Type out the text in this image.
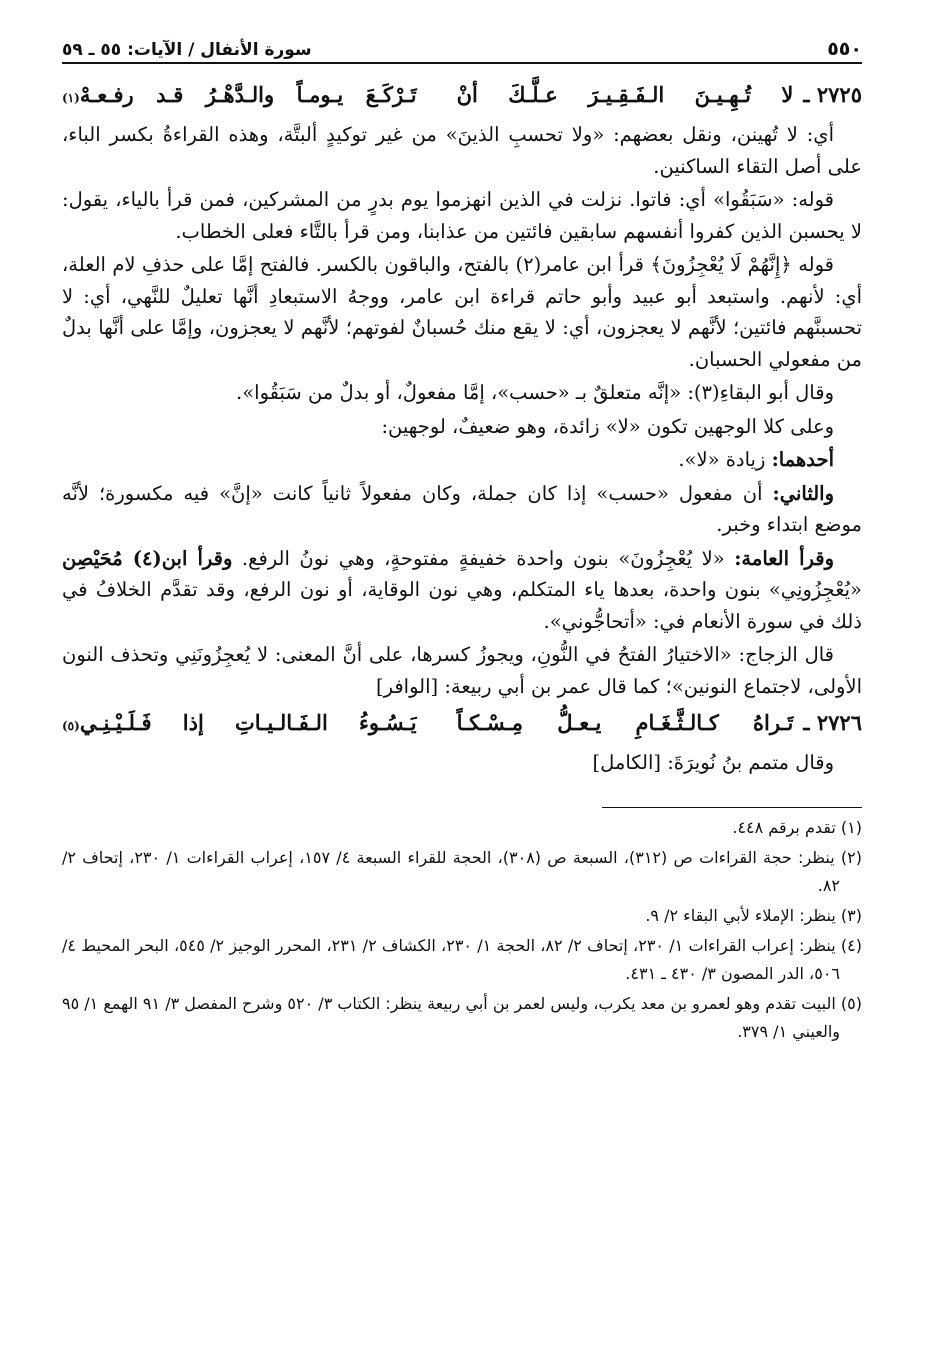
٥٥٠
سورة الأنفال / الآيات: ٥٥ ـ ٥٩
٢٧٢٥ ـ
لا تُـهِـيـنَ الـفَـقِـيـرَ عـلَّـكَ أنْ
تَـرْكَـعَ يـومـاً والـدَّهْـرُ قـد رفـعـهْ
(١)

أي: لا تُهينن، ونقل بعضهم: «ولا تحسبِ الذينَ» من غير توكيدٍ ألبتَّة، وهذه القراءةُ بكسر الباء، على أصل التقاء الساكنين.

قوله: «سَبَقُوا» أي: فاتوا. نزلت في الذين انهزموا يوم بدرٍ من المشركين، فمن قرأ بالياء، يقول: لا يحسبن الذين كفروا أنفسهم سابقين فائتين من عذابنا، ومن قرأ بالتَّاء فعلى الخطاب.

قوله ﴿إِنَّهُمْ لَا يُعْجِزُونَ﴾ قرأ ابن عامر(٢) بالفتح، والباقون بالكسر. فالفتح إمَّا على حذفِ لام العلة، أي: لأنهم. واستبعد أبو عبيد وأبو حاتم قراءة ابن عامر، ووجهُ الاستبعادِ أنَّها تعليلٌ للنَّهي، أي: لا تحسبنَّهم فائتين؛ لأنَّهم لا يعجزون، أي: لا يقع منك حُسبانٌ لفوتهم؛ لأنَّهم لا يعجزون، وإمَّا على أنَّها بدلٌ من مفعولي الحسبان.

وقال أبو البقاءِ(٣): «إنَّه متعلقٌ بـ «حسب»، إمَّا مفعولٌ، أو بدلٌ من سَبَقُوا».

وعلى كلا الوجهين تكون «لا» زائدة، وهو ضعيفٌ، لوجهين:

أحدهما: زيادة «لا».

والثاني: أن مفعول «حسب» إذا كان جملة، وكان مفعولاً ثانياً كانت «إنَّ» فيه مكسورة؛ لأنَّه موضع ابتداء وخبر.

وقرأ العامة: «لا يُعْجِزُونَ» بنون واحدة خفيفةٍ مفتوحةٍ، وهي نونُ الرفع. وقرأ ابن(٤) مُحَيْصِن «يُعْجِزُونِي» بنون واحدة، بعدها ياء المتكلم، وهي نون الوقاية، أو نون الرفع، وقد تقدَّم الخلافُ في ذلك في سورة الأنعام في: «أتحاجُّوني».

قال الزجاج: «الاختيارُ الفتحُ في النُّونِ، ويجوزُ كسرها، على أنَّ المعنى: لا يُعجِزُونَنِي وتحذف النون الأولى، لاجتماع النونين»؛ كما قال عمر بن أبي ربيعة: [الوافر]

٢٧٢٦ ـ
تَـراهُ كـالـثَّـغَـامِ يـعـلُّ مِـسْـكـاً
يَـسُـوءُ الـفَـالـيـاتِ إذا فَـلَـيْـنِـي
(٥)

وقال متمم بنُ نُويرَةَ: [الكامل]

(١) تقدم برقم ٤٤٨.

(٢) ينظر: حجة القراءات ص (٣١٢)، السبعة ص (٣٠٨)، الحجة للقراء السبعة ٤/ ١٥٧، إعراب القراءات ١/ ٢٣٠، إتحاف ٢/ ٨٢.

(٣) ينظر: الإملاء لأبي البقاء ٢/ ٩.

(٤) ينظر: إعراب القراءات ١/ ٢٣٠، إتحاف ٢/ ٨٢، الحجة ١/ ٢٣٠، الكشاف ٢/ ٢٣١، المحرر الوجيز ٢/ ٥٤٥، البحر المحيط ٤/ ٥٠٦، الدر المصون ٣/ ٤٣٠ ـ ٤٣١.

(٥) البيت تقدم وهو لعمرو بن معد يكرب، وليس لعمر بن أبي ربيعة ينظر: الكتاب ٣/ ٥٢٠ وشرح المفصل ٣/ ٩١ الهمع ١/ ٩٥ والعيني ١/ ٣٧٩.
